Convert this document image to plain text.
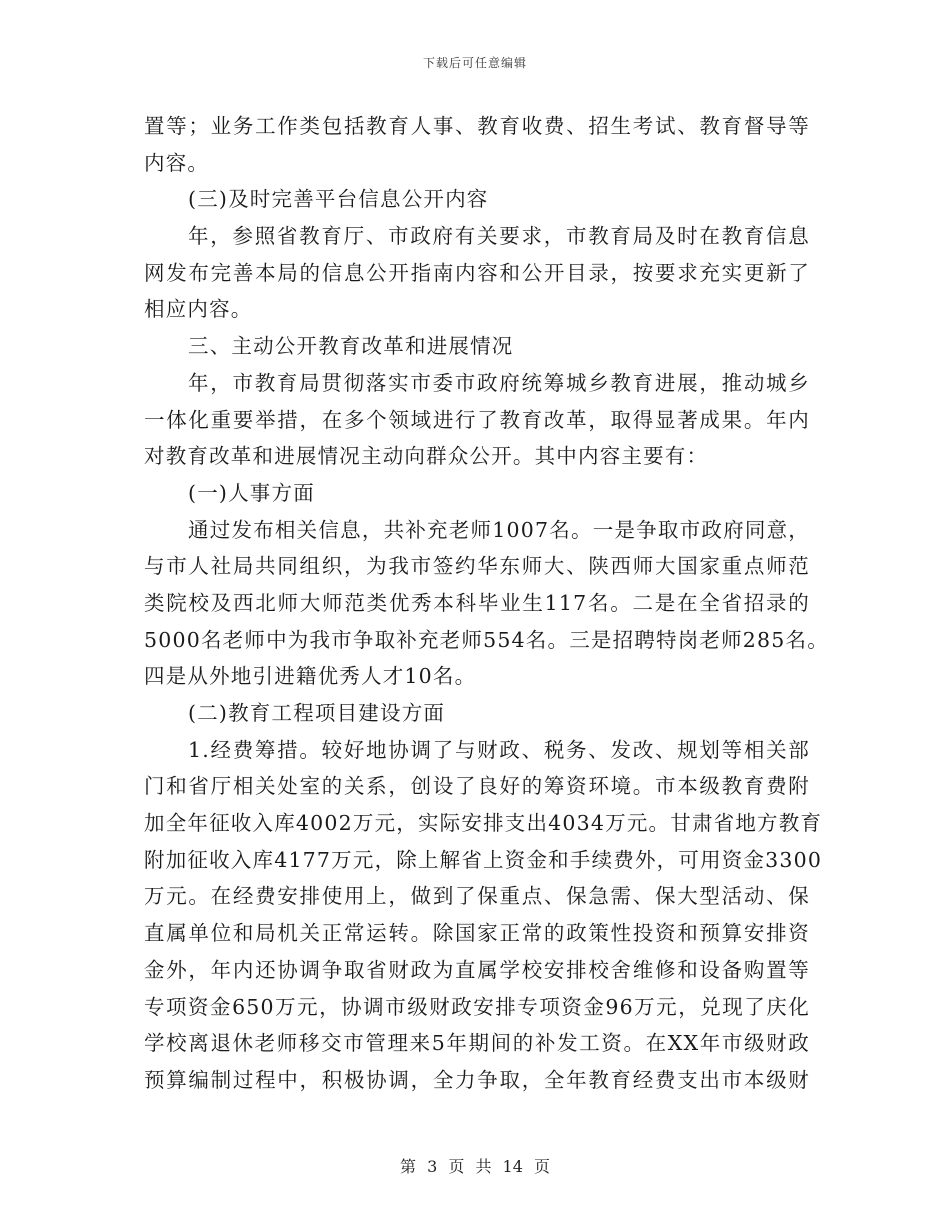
下载后可任意编辑
置等；业务工作类包括教育人事、教育收费、招生考试、教育督导等
内容。
(三)及时完善平台信息公开内容
年，参照省教育厅、市政府有关要求，市教育局及时在教育信息
网发布完善本局的信息公开指南内容和公开目录，按要求充实更新了
相应内容。
三、主动公开教育改革和进展情况
年，市教育局贯彻落实市委市政府统筹城乡教育进展，推动城乡
一体化重要举措，在多个领域进行了教育改革，取得显著成果。年内
对教育改革和进展情况主动向群众公开。其中内容主要有：
(一)人事方面
通过发布相关信息，共补充老师1007名。一是争取市政府同意，
与市人社局共同组织，为我市签约华东师大、陕西师大国家重点师范
类院校及西北师大师范类优秀本科毕业生117名。二是在全省招录的
5000名老师中为我市争取补充老师554名。三是招聘特岗老师285名。
四是从外地引进籍优秀人才10名。
(二)教育工程项目建设方面
1.经费筹措。较好地协调了与财政、税务、发改、规划等相关部
门和省厅相关处室的关系，创设了良好的筹资环境。市本级教育费附
加全年征收入库4002万元，实际安排支出4034万元。甘肃省地方教育
附加征收入库4177万元，除上解省上资金和手续费外，可用资金3300
万元。在经费安排使用上，做到了保重点、保急需、保大型活动、保
直属单位和局机关正常运转。除国家正常的政策性投资和预算安排资
金外，年内还协调争取省财政为直属学校安排校舍维修和设备购置等
专项资金650万元，协调市级财政安排专项资金96万元，兑现了庆化
学校离退休老师移交市管理来5年期间的补发工资。在XX年市级财政
预算编制过程中，积极协调，全力争取，全年教育经费支出市本级财
第 3 页 共 14 页
